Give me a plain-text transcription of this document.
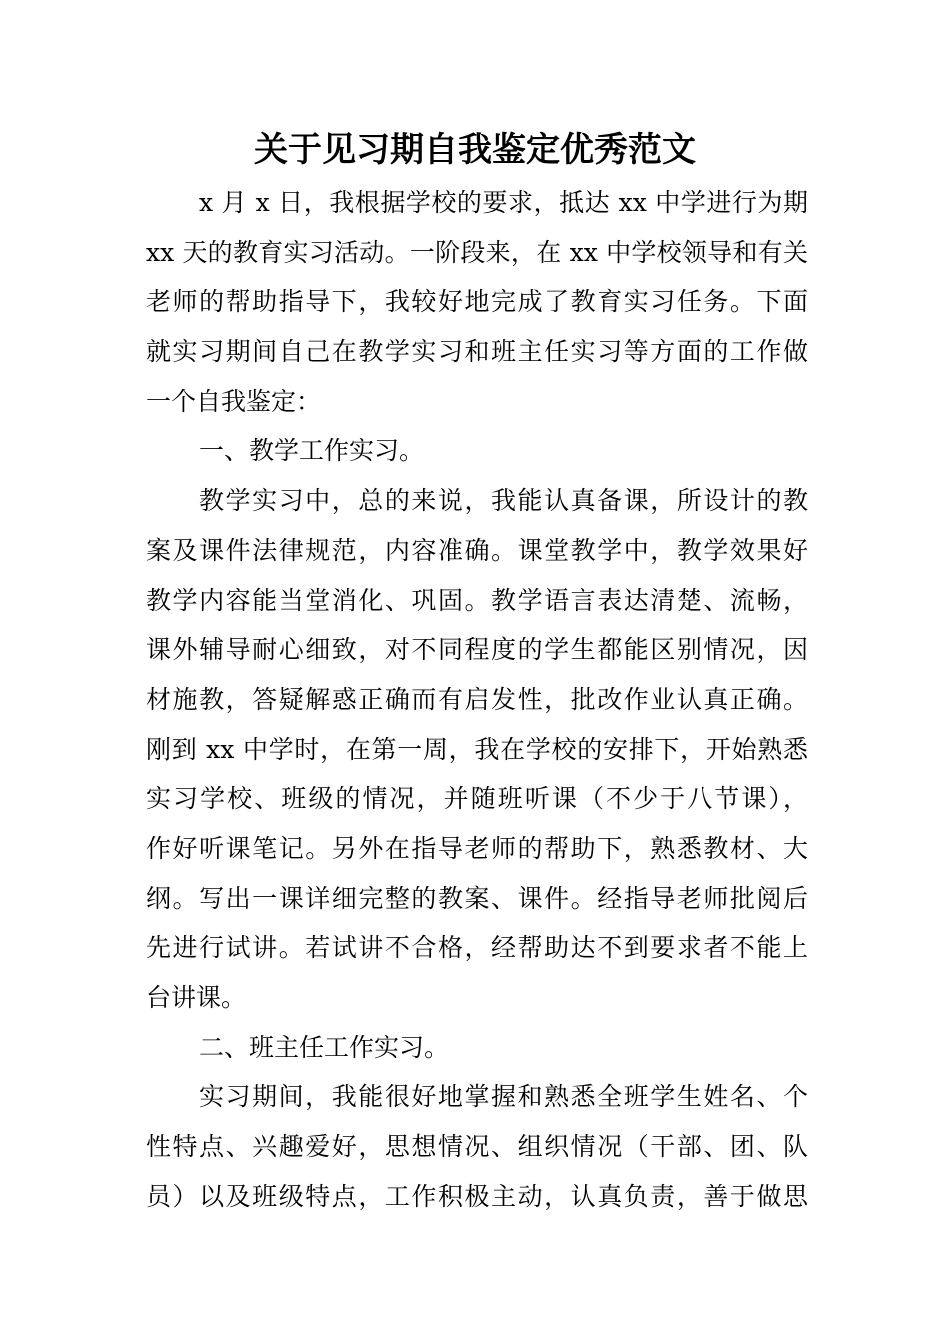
关于见习期自我鉴定优秀范文
x 月 x 日，我根据学校的要求，抵达 xx 中学进行为期
xx 天的教育实习活动。一阶段来，在 xx 中学校领导和有关
老师的帮助指导下，我较好地完成了教育实习任务。下面
就实习期间自己在教学实习和班主任实习等方面的工作做
一个自我鉴定：
一、教学工作实习。
教学实习中，总的来说，我能认真备课，所设计的教
案及课件法律规范，内容准确。课堂教学中，教学效果好
教学内容能当堂消化、巩固。教学语言表达清楚、流畅，
课外辅导耐心细致，对不同程度的学生都能区别情况，因
材施教，答疑解惑正确而有启发性，批改作业认真正确。
刚到 xx 中学时，在第一周，我在学校的安排下，开始熟悉
实习学校、班级的情况，并随班听课（不少于八节课），
作好听课笔记。另外在指导老师的帮助下，熟悉教材、大
纲。写出一课详细完整的教案、课件。经指导老师批阅后
先进行试讲。若试讲不合格，经帮助达不到要求者不能上
台讲课。
二、班主任工作实习。
实习期间，我能很好地掌握和熟悉全班学生姓名、个
性特点、兴趣爱好，思想情况、组织情况（干部、团、队
员）以及班级特点，工作积极主动，认真负责，善于做思
